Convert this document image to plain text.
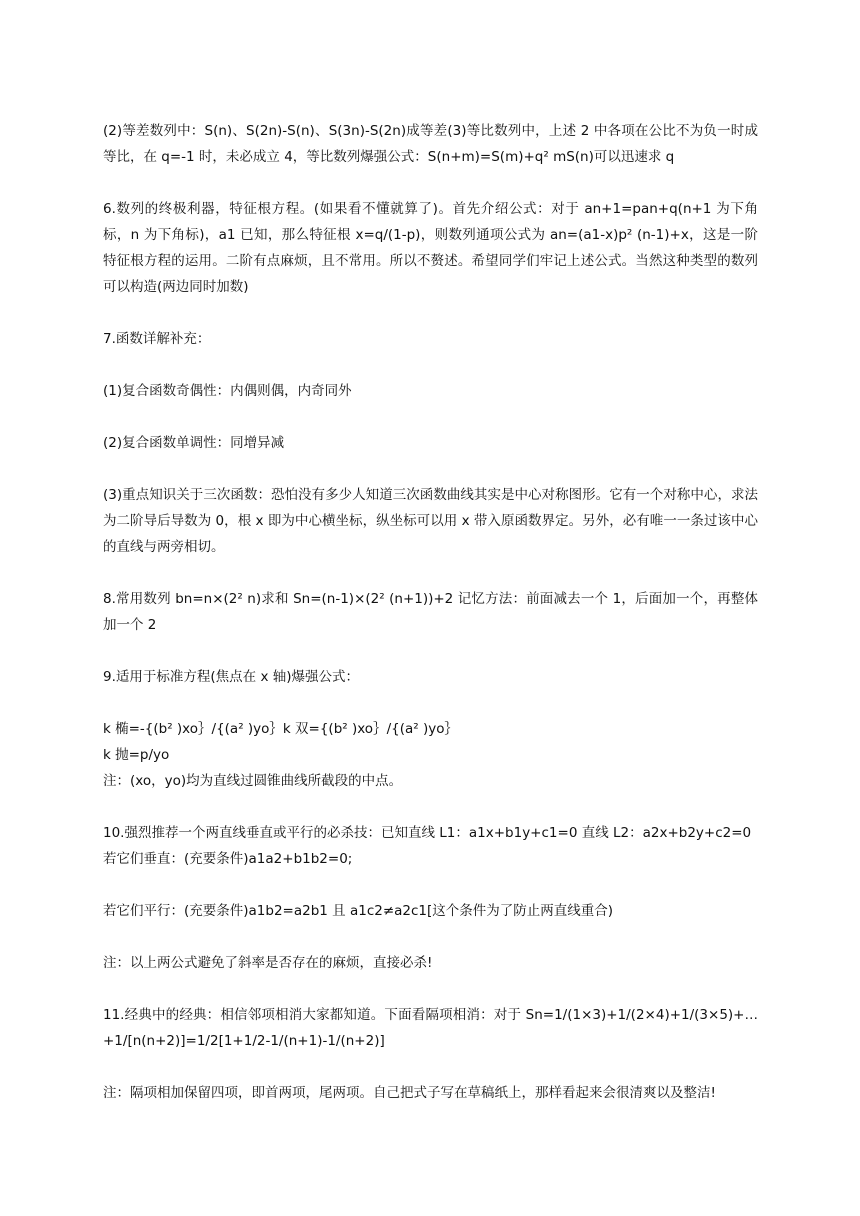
(2)等差数列中：S(n)、S(2n)-S(n)、S(3n)-S(2n)成等差(3)等比数列中，上述 2 中各项在公比不为负一时成等比，在 q=-1 时，未必成立 4，等比数列爆强公式：S(n+m)=S(m)+q² mS(n)可以迅速求 q

6.数列的终极利器，特征根方程。(如果看不懂就算了)。首先介绍公式：对于 an+1=pan+q(n+1 为下角标，n 为下角标)，a1 已知，那么特征根 x=q/(1-p)，则数列通项公式为 an=(a1-x)p² (n-1)+x，这是一阶特征根方程的运用。二阶有点麻烦，且不常用。所以不赘述。希望同学们牢记上述公式。当然这种类型的数列可以构造(两边同时加数)

7.函数详解补充：

(1)复合函数奇偶性：内偶则偶，内奇同外

(2)复合函数单调性：同增异减

(3)重点知识关于三次函数：恐怕没有多少人知道三次函数曲线其实是中心对称图形。它有一个对称中心，求法为二阶导后导数为 0，根 x 即为中心横坐标，纵坐标可以用 x 带入原函数界定。另外，必有唯一一条过该中心的直线与两旁相切。

8.常用数列 bn=n×(2² n)求和 Sn=(n-1)×(2² (n+1))+2 记忆方法：前面减去一个 1，后面加一个，再整体加一个 2

9.适用于标准方程(焦点在 x 轴)爆强公式：

k 椭=-{(b² )xo｝/{(a² )yo｝k 双={(b² )xo｝/{(a² )yo｝

k 抛=p/yo

注：(xo，yo)均为直线过圆锥曲线所截段的中点。

10.强烈推荐一个两直线垂直或平行的必杀技：已知直线 L1：a1x+b1y+c1=0 直线 L2：a2x+b2y+c2=0

若它们垂直：(充要条件)a1a2+b1b2=0;

若它们平行：(充要条件)a1b2=a2b1 且 a1c2≠a2c1[这个条件为了防止两直线重合)

注：以上两公式避免了斜率是否存在的麻烦，直接必杀!

11.经典中的经典：相信邻项相消大家都知道。下面看隔项相消：对于 Sn=1/(1×3)+1/(2×4)+1/(3×5)+…+1/[n(n+2)]=1/2[1+1/2-1/(n+1)-1/(n+2)]

注：隔项相加保留四项，即首两项，尾两项。自己把式子写在草稿纸上，那样看起来会很清爽以及整洁!
